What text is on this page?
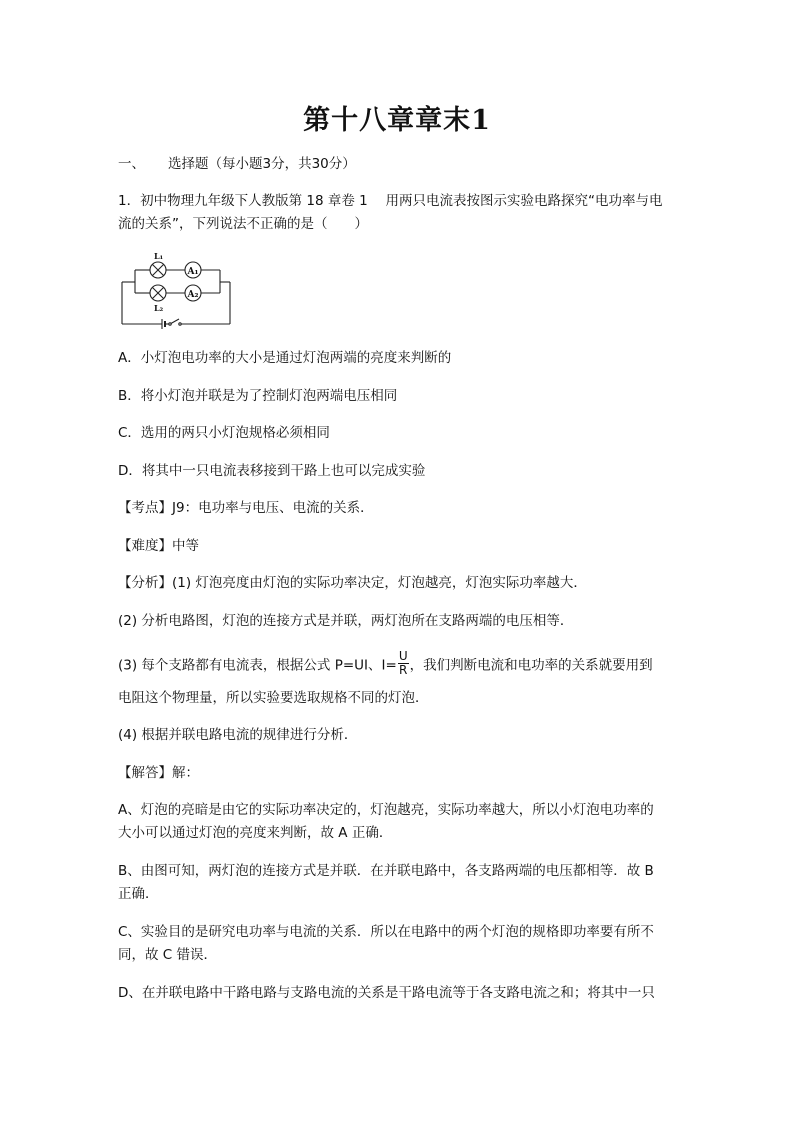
第十八章章末1
一、 选择题（每小题3分，共30分）
1．初中物理九年级下人教版第 18 章卷 1　 用两只电流表按图示实验电路探究“电功率与电
流的关系”，下列说法不正确的是（　　）
A₁
A₂
L₁
L₂
A．小灯泡电功率的大小是通过灯泡两端的亮度来判断的
B．将小灯泡并联是为了控制灯泡两端电压相同
C．选用的两只小灯泡规格必须相同
D．将其中一只电流表移接到干路上也可以完成实验
【考点】J9：电功率与电压、电流的关系．
【难度】中等
【分析】(1) 灯泡亮度由灯泡的实际功率决定，灯泡越亮，灯泡实际功率越大．
(2) 分析电路图，灯泡的连接方式是并联，两灯泡所在支路两端的电压相等．
(3) 每个支路都有电流表，根据公式 P=UI、$I= \frac{U}{R}$ ，我们判断电流和电功率的关系就要用到
电阻这个物理量，所以实验要选取规格不同的灯泡．
(4) 根据并联电路电流的规律进行分析．
【解答】解：
A、灯泡的亮暗是由它的实际功率决定的，灯泡越亮，实际功率越大，所以小灯泡电功率的
大小可以通过灯泡的亮度来判断，故 A 正确．
B、由图可知，两灯泡的连接方式是并联．在并联电路中，各支路两端的电压都相等．故 B
正确．
C、实验目的是研究电功率与电流的关系．所以在电路中的两个灯泡的规格即功率要有所不
同，故 C 错误．
D、在并联电路中干路电路与支路电流的关系是干路电流等于各支路电流之和；将其中一只
